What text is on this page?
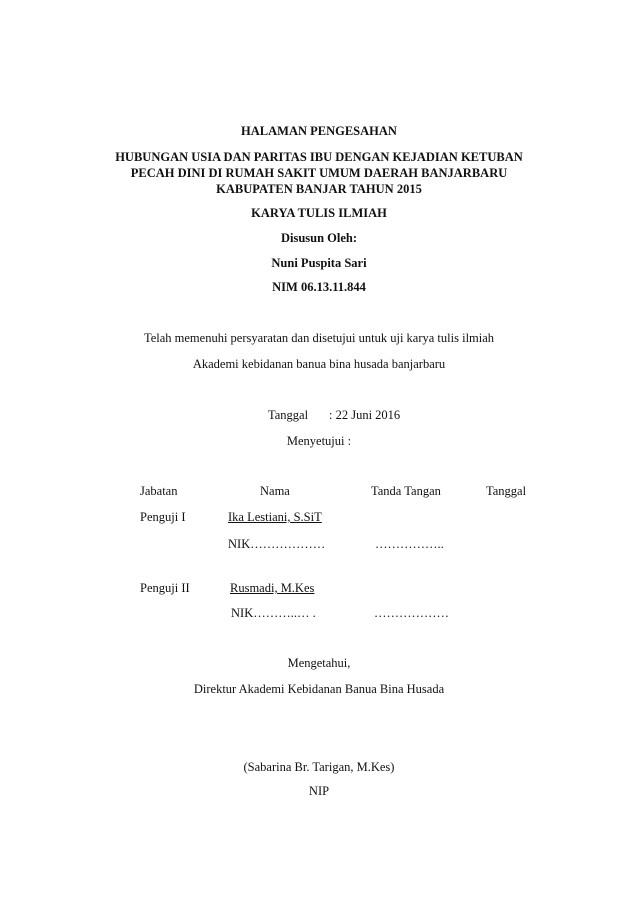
HALAMAN PENGESAHAN
HUBUNGAN USIA DAN PARITAS IBU DENGAN KEJADIAN KETUBAN
PECAH DINI DI RUMAH SAKIT UMUM DAERAH BANJARBARU
KABUPATEN BANJAR TAHUN 2015
KARYA TULIS ILMIAH
Disusun Oleh:
Nuni Puspita Sari
NIM 06.13.11.844
Telah memenuhi persyaratan dan disetujui untuk uji karya tulis ilmiah
Akademi kebidanan banua bina husada banjarbaru
Tanggal : 22 Juni 2016
Menyetujui :
Jabatan	Nama	Tanda Tangan	Tanggal
Penguji I	Ika Lestiani, S.SiT
NIK………………	……………..
Penguji II	Rusmadi, M.Kes
NIK………..… .	………………
Mengetahui,
Direktur Akademi Kebidanan Banua Bina Husada
(Sabarina Br. Tarigan, M.Kes)
NIP
